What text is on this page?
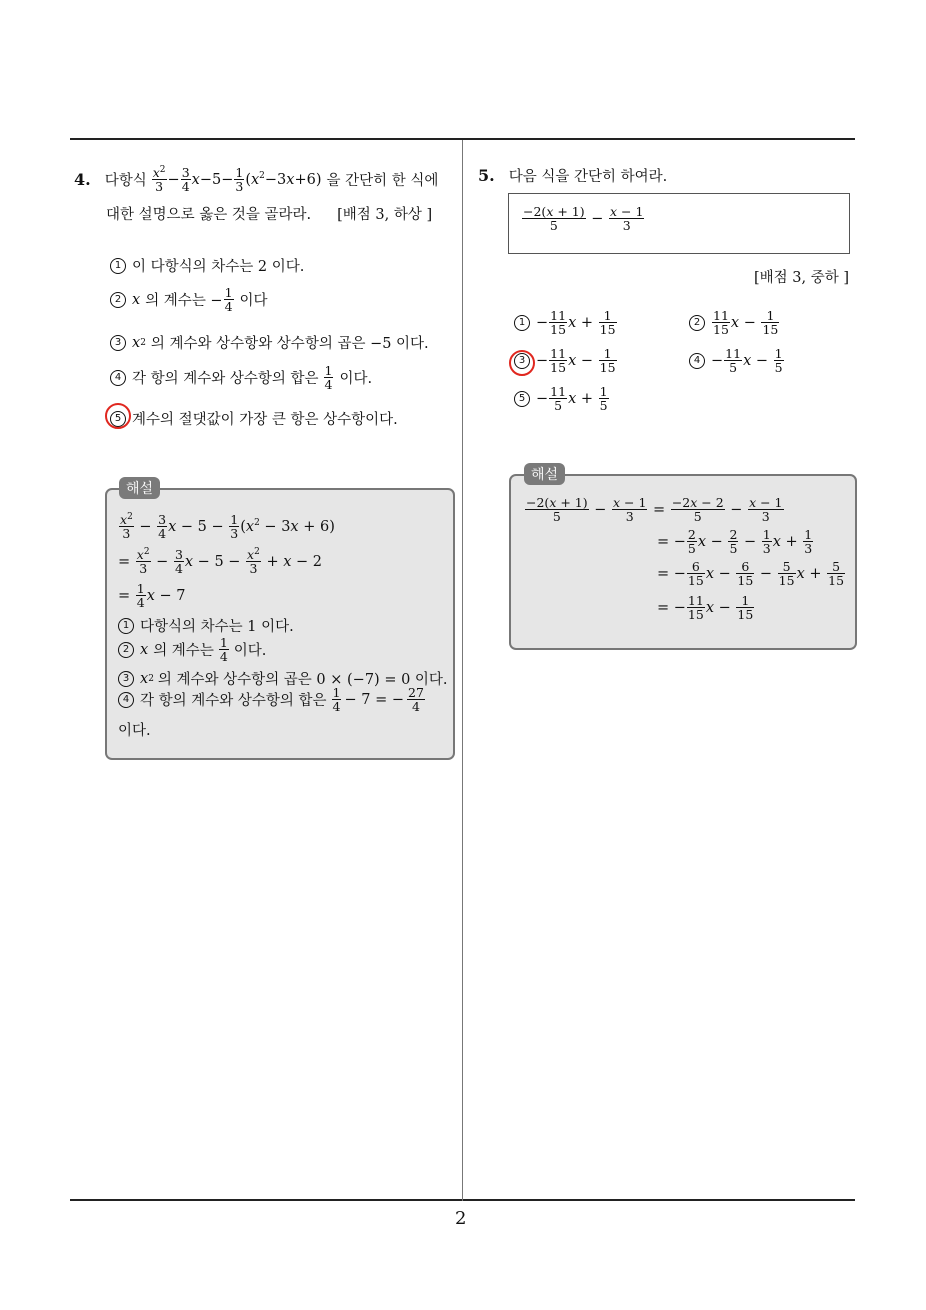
2
4. 다항식 $\frac{x^2}{3} - \frac{3}{4} x-5- \frac{1}{3} (x^2-3x+6)$ 을 간단히 한 식에
대한 설명으로 옳은 것을 골라라. [배점 3, 하상 ]
1 이 다항식의 차수는 2 이다.
2 x 의 계수는 − $\frac{1}{4}$ 이다
3 x 2 의 계수와 상수항와 상수항의 곱은 −5 이다.
4 각 항의 계수와 상수항의 합은 $\frac{1}{4}$ 이다.
5 계수의 절댓값이 가장 큰 항은 상수항이다.
해설
$\frac{x^2}{3} - \frac{3}{4}$ $x - 5 - \frac{1}{3} (x^2 - 3x + 6)$
= $\frac{x^2}{3} - \frac{3}{4}$ $x - 5 - \frac{x^2}{3} + x - 2$
= $\frac{1}{4}$ x − 7
1 다항식의 차수는 1 이다.
2 x 의 계수는 $\frac{1}{4}$ 이다.
3 x 2 의 계수와 상수항의 곱은 0 × (−7) = 0 이다.
4 각 항의 계수와 상수항의 합은 $\frac{1}{4} - 7$ = − $\frac{27}{4}$
이다.
5. 다음 식을 간단히 하여라.
$\frac{-2(x + 1)}{5} - \frac{x - 1}{3}$
[배점 3, 중하 ]
$1 - \frac{11}{15}$ $x + \frac{1}{15}$	$2 \frac{11}{15}$ $x - \frac{1}{15}$
$3 - \frac{11}{15}$ $x - \frac{1}{15}$	$4 - \frac{11}{5}$ $x - \frac{1}{5}$
$5 - \frac{11}{5}$ $x + \frac{1}{5}$
해설
$\frac{-2(x + 1)}{5} - \frac{x - 1}{3} = \frac{-2x - 2}{5} - \frac{x - 1}{3}$
= − $\frac{2}{5}$ $x - \frac{2}{5} - \frac{1}{3}$ $x + \frac{1}{3}$
= − $\frac{6}{15}$ $x - \frac{6}{15} - \frac{5}{15}$ $x + \frac{5}{15}$
= − $\frac{11}{15}$ $x - \frac{1}{15}$
